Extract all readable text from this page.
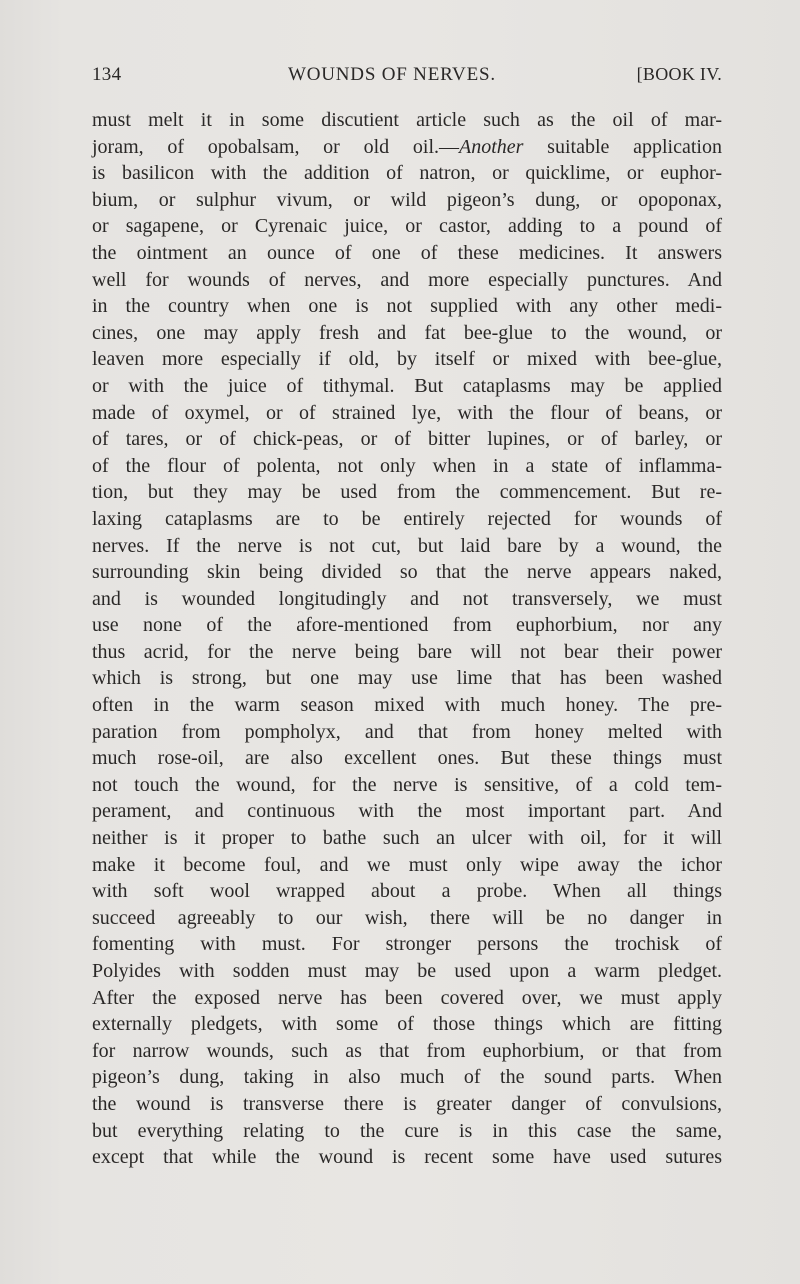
134	WOUNDS OF NERVES.	[BOOK IV.
must melt it in some discutient article such as the oil of mar-
joram, of opobalsam, or old oil.—Another suitable application
is basilicon with the addition of natron, or quicklime, or euphor-
bium, or sulphur vivum, or wild pigeon’s dung, or opoponax,
or sagapene, or Cyrenaic juice, or castor, adding to a pound of
the ointment an ounce of one of these medicines. It answers
well for wounds of nerves, and more especially punctures. And
in the country when one is not supplied with any other medi-
cines, one may apply fresh and fat bee-glue to the wound, or
leaven more especially if old, by itself or mixed with bee-glue,
or with the juice of tithymal. But cataplasms may be applied
made of oxymel, or of strained lye, with the flour of beans, or
of tares, or of chick-peas, or of bitter lupines, or of barley, or
of the flour of polenta, not only when in a state of inflamma-
tion, but they may be used from the commencement. But re-
laxing cataplasms are to be entirely rejected for wounds of
nerves. If the nerve is not cut, but laid bare by a wound, the
surrounding skin being divided so that the nerve appears naked,
and is wounded longitudingly and not transversely, we must
use none of the afore-mentioned from euphorbium, nor any
thus acrid, for the nerve being bare will not bear their power
which is strong, but one may use lime that has been washed
often in the warm season mixed with much honey. The pre-
paration from pompholyx, and that from honey melted with
much rose-oil, are also excellent ones. But these things must
not touch the wound, for the nerve is sensitive, of a cold tem-
perament, and continuous with the most important part. And
neither is it proper to bathe such an ulcer with oil, for it will
make it become foul, and we must only wipe away the ichor
with soft wool wrapped about a probe. When all things
succeed agreeably to our wish, there will be no danger in
fomenting with must. For stronger persons the trochisk of
Polyides with sodden must may be used upon a warm pledget.
After the exposed nerve has been covered over, we must apply
externally pledgets, with some of those things which are fitting
for narrow wounds, such as that from euphorbium, or that from
pigeon’s dung, taking in also much of the sound parts. When
the wound is transverse there is greater danger of convulsions,
but everything relating to the cure is in this case the same,
except that while the wound is recent some have used sutures
